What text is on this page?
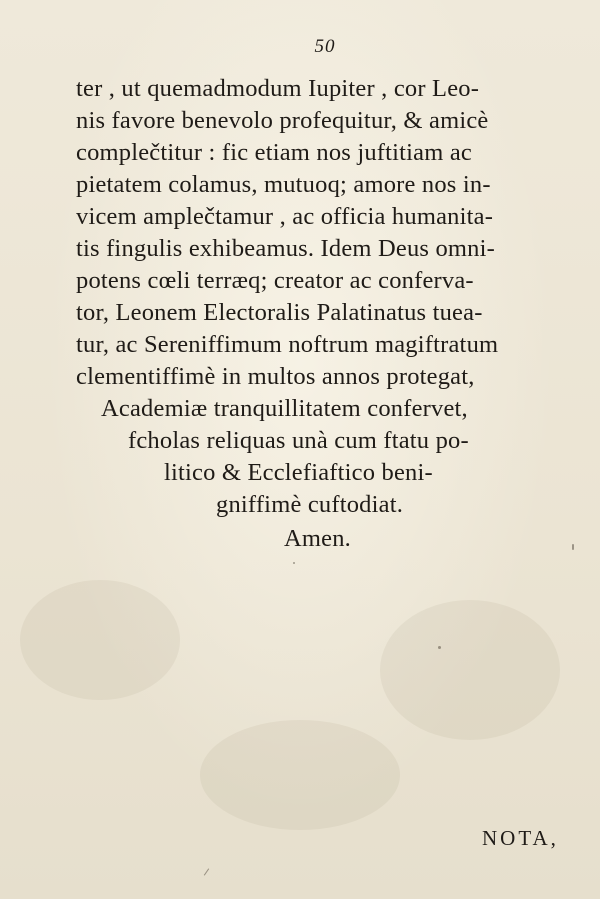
50
ter , ut quemadmodum Iupiter , cor Leo-
nis favore benevolo profequitur, & amicè
complečtitur : fic etiam nos juftitiam ac
pietatem colamus, mutuoq; amore nos in-
vicem amplečtamur , ac officia humanita-
tis fingulis exhibeamus. Idem Deus omni-
potens cœli terræq; creator ac conferva-
tor, Leonem Electoralis Palatinatus tuea-
tur, ac Sereniffimum noftrum magiftratum
clementiffimè in multos annos protegat,
Academiæ tranquillitatem confervet,
fcholas reliquas unà cum ftatu po-
litico & Ecclefiaftico beni-
gniffimè cuftodiat.
Amen.
NOTA,
